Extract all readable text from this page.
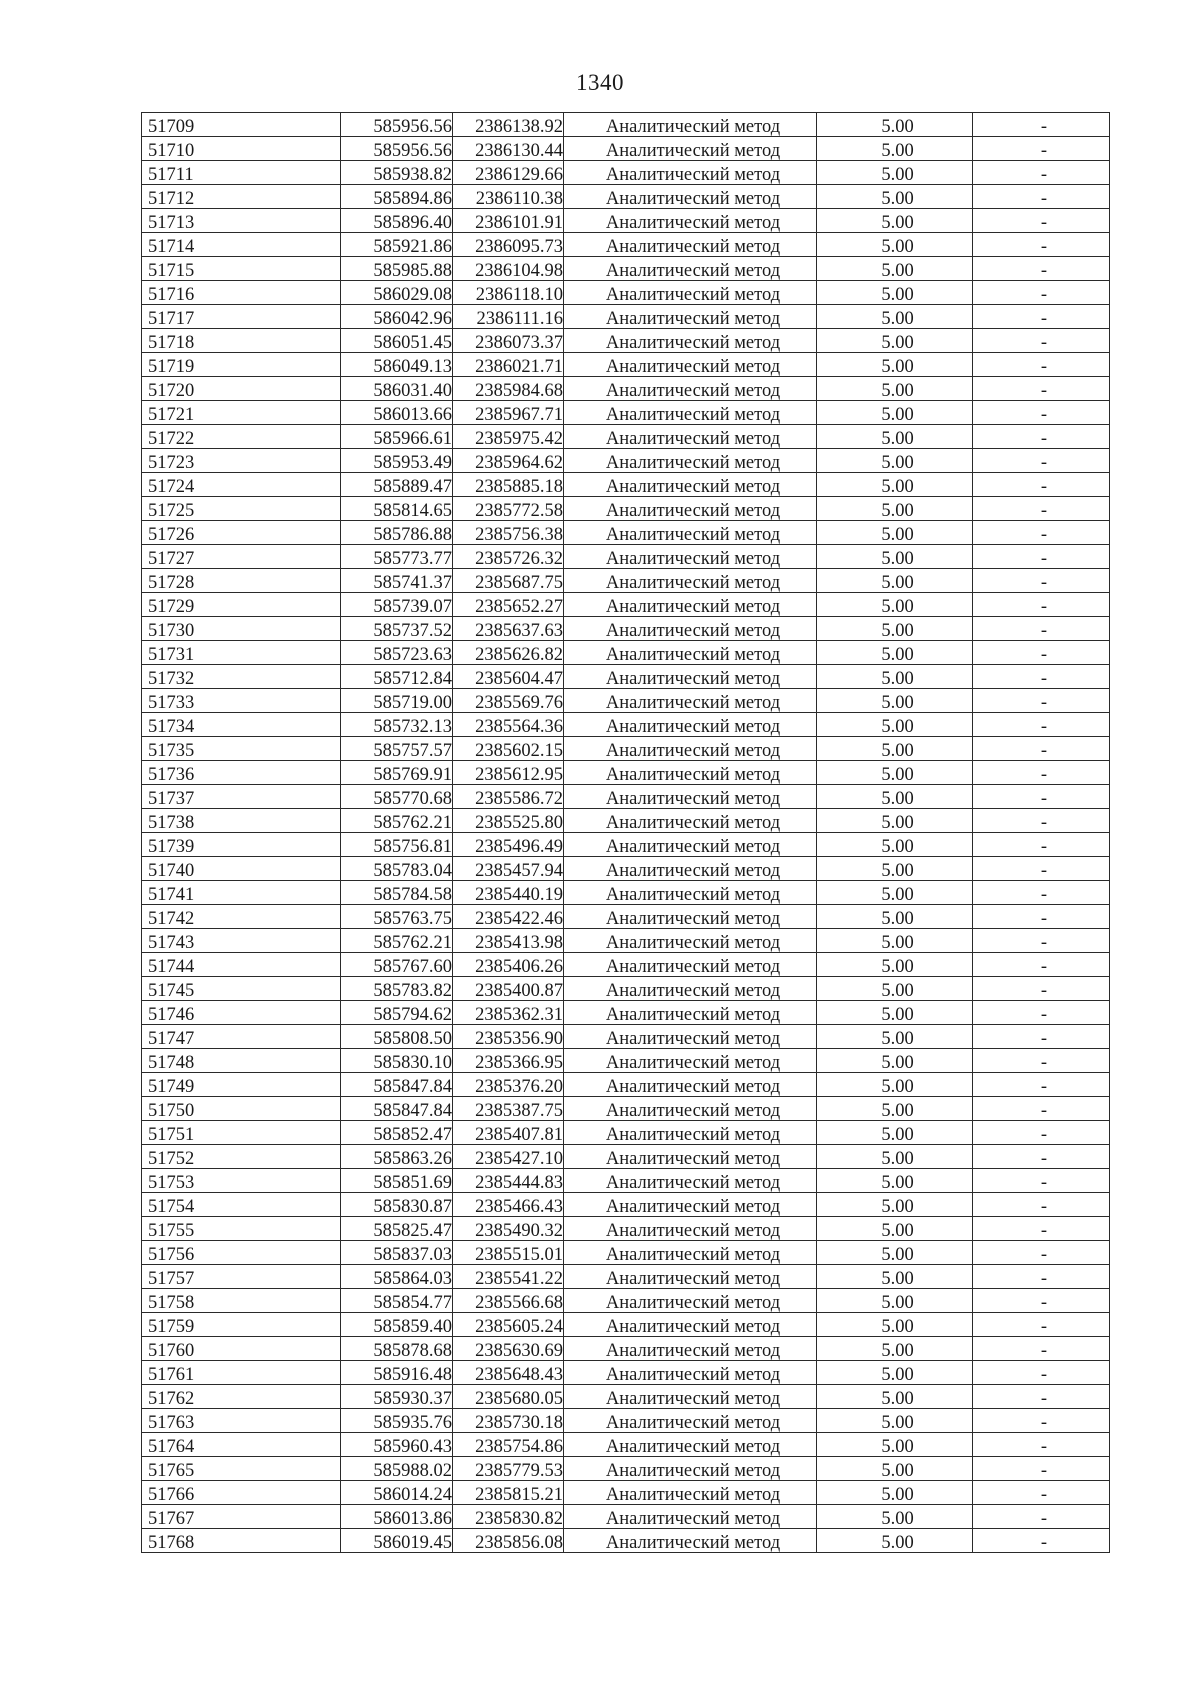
1340
51709	585956.56	2386138.92	Аналитический метод	5.00	-
51710	585956.56	2386130.44	Аналитический метод	5.00	-
51711	585938.82	2386129.66	Аналитический метод	5.00	-
51712	585894.86	2386110.38	Аналитический метод	5.00	-
51713	585896.40	2386101.91	Аналитический метод	5.00	-
51714	585921.86	2386095.73	Аналитический метод	5.00	-
51715	585985.88	2386104.98	Аналитический метод	5.00	-
51716	586029.08	2386118.10	Аналитический метод	5.00	-
51717	586042.96	2386111.16	Аналитический метод	5.00	-
51718	586051.45	2386073.37	Аналитический метод	5.00	-
51719	586049.13	2386021.71	Аналитический метод	5.00	-
51720	586031.40	2385984.68	Аналитический метод	5.00	-
51721	586013.66	2385967.71	Аналитический метод	5.00	-
51722	585966.61	2385975.42	Аналитический метод	5.00	-
51723	585953.49	2385964.62	Аналитический метод	5.00	-
51724	585889.47	2385885.18	Аналитический метод	5.00	-
51725	585814.65	2385772.58	Аналитический метод	5.00	-
51726	585786.88	2385756.38	Аналитический метод	5.00	-
51727	585773.77	2385726.32	Аналитический метод	5.00	-
51728	585741.37	2385687.75	Аналитический метод	5.00	-
51729	585739.07	2385652.27	Аналитический метод	5.00	-
51730	585737.52	2385637.63	Аналитический метод	5.00	-
51731	585723.63	2385626.82	Аналитический метод	5.00	-
51732	585712.84	2385604.47	Аналитический метод	5.00	-
51733	585719.00	2385569.76	Аналитический метод	5.00	-
51734	585732.13	2385564.36	Аналитический метод	5.00	-
51735	585757.57	2385602.15	Аналитический метод	5.00	-
51736	585769.91	2385612.95	Аналитический метод	5.00	-
51737	585770.68	2385586.72	Аналитический метод	5.00	-
51738	585762.21	2385525.80	Аналитический метод	5.00	-
51739	585756.81	2385496.49	Аналитический метод	5.00	-
51740	585783.04	2385457.94	Аналитический метод	5.00	-
51741	585784.58	2385440.19	Аналитический метод	5.00	-
51742	585763.75	2385422.46	Аналитический метод	5.00	-
51743	585762.21	2385413.98	Аналитический метод	5.00	-
51744	585767.60	2385406.26	Аналитический метод	5.00	-
51745	585783.82	2385400.87	Аналитический метод	5.00	-
51746	585794.62	2385362.31	Аналитический метод	5.00	-
51747	585808.50	2385356.90	Аналитический метод	5.00	-
51748	585830.10	2385366.95	Аналитический метод	5.00	-
51749	585847.84	2385376.20	Аналитический метод	5.00	-
51750	585847.84	2385387.75	Аналитический метод	5.00	-
51751	585852.47	2385407.81	Аналитический метод	5.00	-
51752	585863.26	2385427.10	Аналитический метод	5.00	-
51753	585851.69	2385444.83	Аналитический метод	5.00	-
51754	585830.87	2385466.43	Аналитический метод	5.00	-
51755	585825.47	2385490.32	Аналитический метод	5.00	-
51756	585837.03	2385515.01	Аналитический метод	5.00	-
51757	585864.03	2385541.22	Аналитический метод	5.00	-
51758	585854.77	2385566.68	Аналитический метод	5.00	-
51759	585859.40	2385605.24	Аналитический метод	5.00	-
51760	585878.68	2385630.69	Аналитический метод	5.00	-
51761	585916.48	2385648.43	Аналитический метод	5.00	-
51762	585930.37	2385680.05	Аналитический метод	5.00	-
51763	585935.76	2385730.18	Аналитический метод	5.00	-
51764	585960.43	2385754.86	Аналитический метод	5.00	-
51765	585988.02	2385779.53	Аналитический метод	5.00	-
51766	586014.24	2385815.21	Аналитический метод	5.00	-
51767	586013.86	2385830.82	Аналитический метод	5.00	-
51768	586019.45	2385856.08	Аналитический метод	5.00	-
